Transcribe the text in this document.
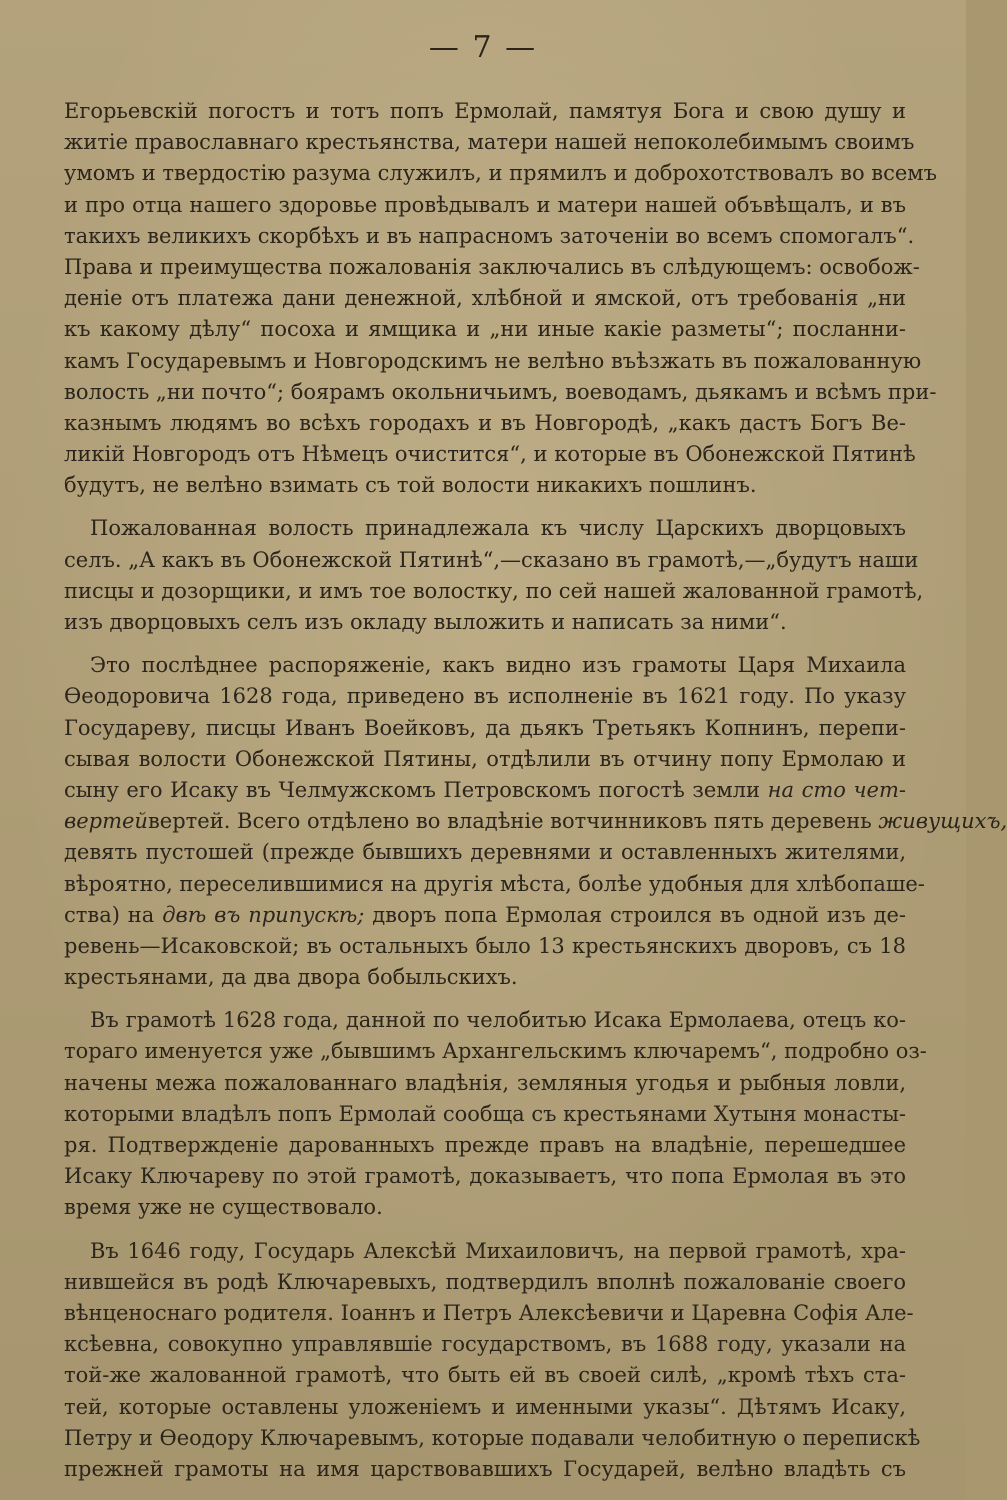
— 7 —
Егорьевскій погостъ и тотъ попъ Ермолай, памятуя Бога и свою душу и
житіе православнаго крестьянства, матери нашей непоколебимымъ своимъ
умомъ и твердостію разума служилъ, и прямилъ и доброхотствовалъ во всемъ
и про отца нашего здоровье провѣдывалъ и матери нашей объвѣщалъ, и въ
такихъ великихъ скорбѣхъ и въ напрасномъ заточеніи во всемъ спомогалъ“.
Права и преимущества пожалованія заключались въ слѣдующемъ: освобож-
деніе отъ платежа дани денежной, хлѣбной и ямской, отъ требованія „ни
къ какому дѣлу“ посоха и ямщика и „ни иные какіе разметы“; посланни-
камъ Государевымъ и Новгородскимъ не велѣно въѣзжать въ пожалованную
волость „ни почто“; боярамъ окольничьимъ, воеводамъ, дьякамъ и всѣмъ при-
казнымъ людямъ во всѣхъ городахъ и въ Новгородѣ, „какъ дастъ Богъ Ве-
ликій Новгородъ отъ Нѣмецъ очистится“, и которые въ Обонежской Пятинѣ
будутъ, не велѣно взимать съ той волости никакихъ пошлинъ.
Пожалованная волость принадлежала къ числу Царскихъ дворцовыхъ
селъ. „А какъ въ Обонежской Пятинѣ“,—сказано въ грамотѣ,—„будутъ наши
писцы и дозорщики, и имъ тое волостку, по сей нашей жалованной грамотѣ,
изъ дворцовыхъ селъ изъ окладу выложить и написать за ними“.
Это послѣднее распоряженіе, какъ видно изъ грамоты Царя Михаила
Ѳеодоровича 1628 года, приведено въ исполненіе въ 1621 году. По указу
Государеву, писцы Иванъ Воейковъ, да дьякъ Третьякъ Копнинъ, перепи-
сывая волости Обонежской Пятины, отдѣлили въ отчину попу Ермолаю и
сыну его Исаку въ Челмужскомъ Петровскомъ погостѣ земли на сто чет-
вертейвертей. Всего отдѣлено во владѣніе вотчинниковъ пять деревень живущихъ,
девять пустошей (прежде бывшихъ деревнями и оставленныхъ жителями,
вѣроятно, переселившимися на другія мѣста, болѣе удобныя для хлѣбопаше-
ства) на двѣ въ припускѣ; дворъ попа Ермолая строился въ одной изъ де-
ревень—Исаковской; въ остальныхъ было 13 крестьянскихъ дворовъ, съ 18
крестьянами, да два двора бобыльскихъ.
Въ грамотѣ 1628 года, данной по челобитью Исака Ермолаева, отецъ ко-
тораго именуется уже „бывшимъ Архангельскимъ ключаремъ“, подробно оз-
начены межа пожалованнаго владѣнія, земляныя угодья и рыбныя ловли,
которыми владѣлъ попъ Ермолай сообща съ крестьянами Хутыня монасты-
ря. Подтвержденіе дарованныхъ прежде правъ на владѣніе, перешедшее
Исаку Ключареву по этой грамотѣ, доказываетъ, что попа Ермолая въ это
время уже не существовало.
Въ 1646 году, Государь Алексѣй Михаиловичъ, на первой грамотѣ, хра-
нившейся въ родѣ Ключаревыхъ, подтвердилъ вполнѣ пожалованіе своего
вѣнценоснаго родителя. Іоаннъ и Петръ Алексѣевичи и Царевна Софія Але-
ксѣевна, совокупно управлявшіе государствомъ, въ 1688 году, указали на
той-же жалованной грамотѣ, что быть ей въ своей силѣ, „кромѣ тѣхъ ста-
тей, которые оставлены уложеніемъ и именными указы“. Дѣтямъ Исаку,
Петру и Ѳеодору Ключаревымъ, которые подавали челобитную о перепискѣ
прежней грамоты на имя царствовавшихъ Государей, велѣно владѣть съ
